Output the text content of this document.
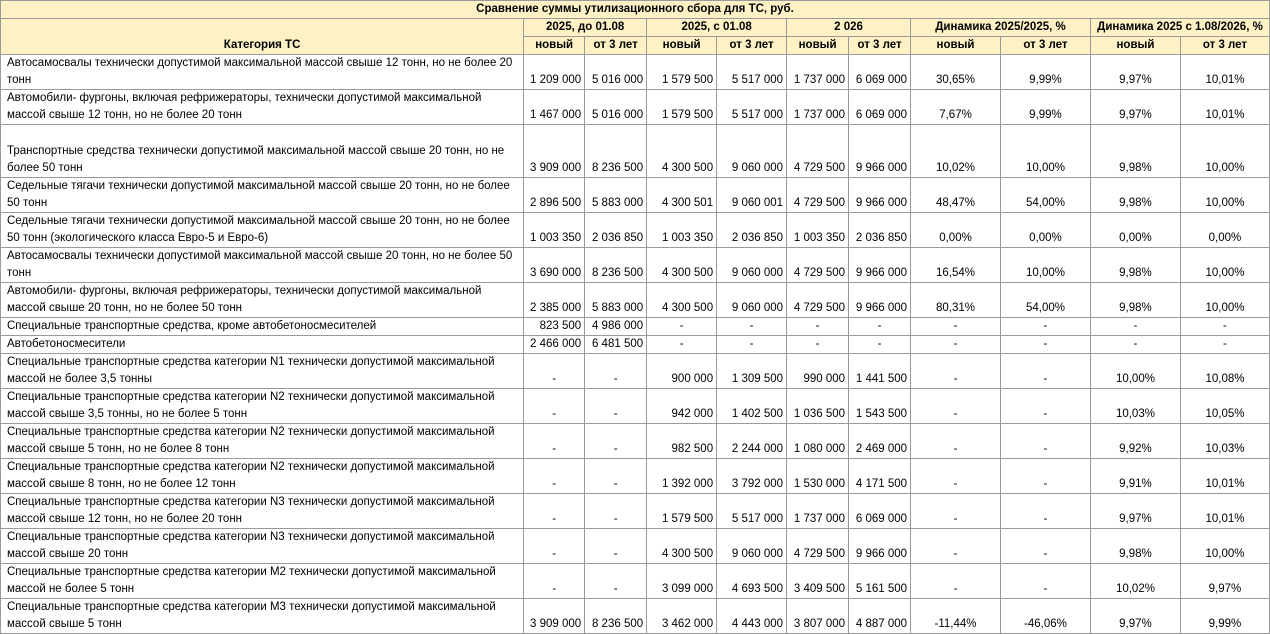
Сравнение суммы утилизационного сбора для ТС, руб.										
Категория ТС	2025, до 01.08		2025, с 01.08		2 026		Динамика 2025/2025, %		Динамика 2025 с 1.08/2026, %	
	новый	от 3 лет	новый	от 3 лет	новый	от 3 лет	новый	от 3 лет	новый	от 3 лет
Автосамосвалы технически допустимой максимальной массой свыше 12 тонн, но не более 20 тонн	1 209 000	5 016 000	1 579 500	5 517 000	1 737 000	6 069 000	30,65%	9,99%	9,97%	10,01%
Автомобили- фургоны, включая рефрижераторы, технически допустимой максимальной массой свыше 12 тонн, но не более 20 тонн	1 467 000	5 016 000	1 579 500	5 517 000	1 737 000	6 069 000	7,67%	9,99%	9,97%	10,01%
Транспортные средства технически допустимой максимальной массой свыше 20 тонн, но не более 50 тонн	3 909 000	8 236 500	4 300 500	9 060 000	4 729 500	9 966 000	10,02%	10,00%	9,98%	10,00%
Седельные тягачи технически допустимой максимальной массой свыше 20 тонн, но не более 50 тонн	2 896 500	5 883 000	4 300 501	9 060 001	4 729 500	9 966 000	48,47%	54,00%	9,98%	10,00%
Седельные тягачи технически допустимой максимальной массой свыше 20 тонн, но не более 50 тонн (экологического класса Евро-5 и Евро-6)	1 003 350	2 036 850	1 003 350	2 036 850	1 003 350	2 036 850	0,00%	0,00%	0,00%	0,00%
Автосамосвалы технически допустимой максимальной массой свыше 20 тонн, но не более 50 тонн	3 690 000	8 236 500	4 300 500	9 060 000	4 729 500	9 966 000	16,54%	10,00%	9,98%	10,00%
Автомобили- фургоны, включая рефрижераторы, технически допустимой максимальной массой свыше 20 тонн, но не более 50 тонн	2 385 000	5 883 000	4 300 500	9 060 000	4 729 500	9 966 000	80,31%	54,00%	9,98%	10,00%
Специальные транспортные средства, кроме автобетоносмесителей	823 500	4 986 000	-	-	-	-	-	-	-	-
Автобетоносмесители	2 466 000	6 481 500	-	-	-	-	-	-	-	-
Специальные транспортные средства категории N1 технически допустимой максимальной массой не более 3,5 тонны	-	-	900 000	1 309 500	990 000	1 441 500	-	-	10,00%	10,08%
Специальные транспортные средства категории N2 технически допустимой максимальной массой свыше 3,5 тонны, но не более 5 тонн	-	-	942 000	1 402 500	1 036 500	1 543 500	-	-	10,03%	10,05%
Специальные транспортные средства категории N2 технически допустимой максимальной массой свыше 5 тонн, но не более 8 тонн	-	-	982 500	2 244 000	1 080 000	2 469 000	-	-	9,92%	10,03%
Специальные транспортные средства категории N2 технически допустимой максимальной массой свыше 8 тонн, но не более 12 тонн	-	-	1 392 000	3 792 000	1 530 000	4 171 500	-	-	9,91%	10,01%
Специальные транспортные средства категории N3 технически допустимой максимальной массой свыше 12 тонн, но не более 20 тонн	-	-	1 579 500	5 517 000	1 737 000	6 069 000	-	-	9,97%	10,01%
Специальные транспортные средства категории N3 технически допустимой максимальной массой свыше 20 тонн	-	-	4 300 500	9 060 000	4 729 500	9 966 000	-	-	9,98%	10,00%
Специальные транспортные средства категории M2 технически допустимой максимальной массой не более 5 тонн	-	-	3 099 000	4 693 500	3 409 500	5 161 500	-	-	10,02%	9,97%
Специальные транспортные средства категории M3 технически допустимой максимальной массой свыше 5 тонн	3 909 000	8 236 500	3 462 000	4 443 000	3 807 000	4 887 000	-11,44%	-46,06%	9,97%	9,99%
